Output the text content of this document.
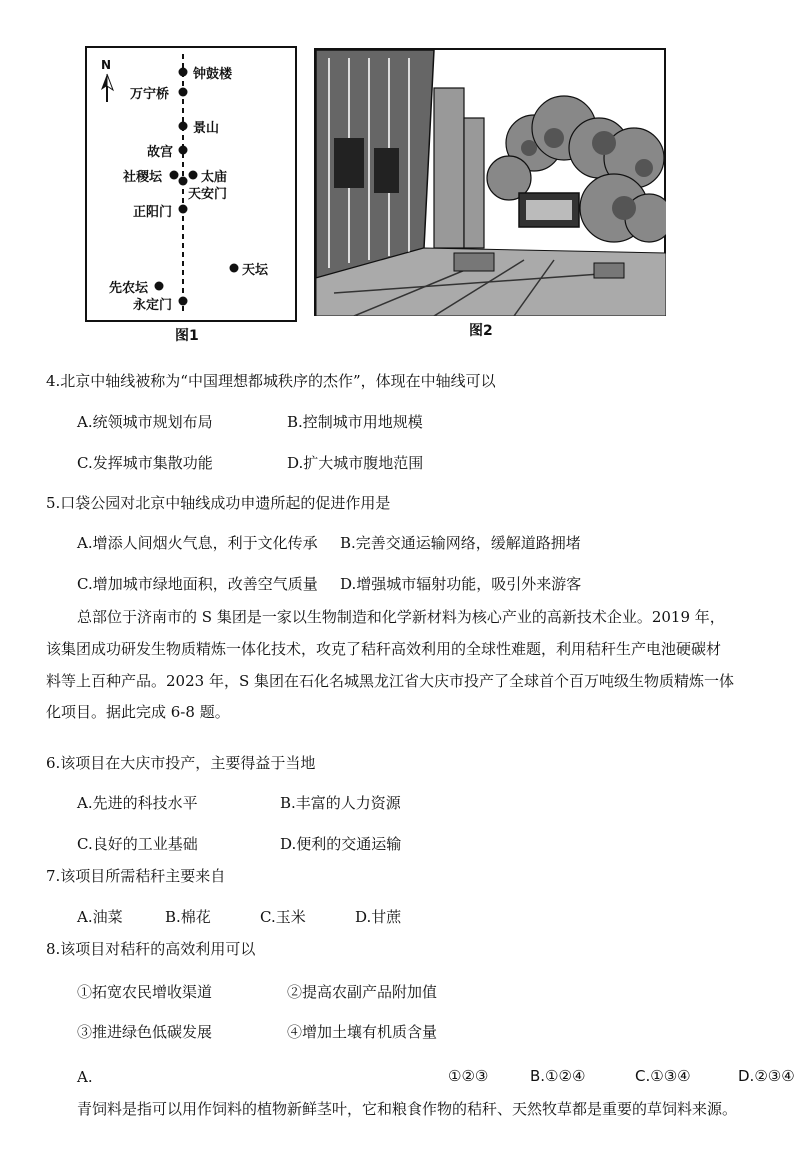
N
钟鼓楼
万宁桥
景山
故宫
社稷坛	太庙
天安门
正阳门
天坛
先农坛
永定门
图1	图2
4.北京中轴线被称为“中国理想都城秩序的杰作”，体现在中轴线可以
A.统领城市规划布局	B.控制城市用地规模
C.发挥城市集散功能	D.扩大城市腹地范围
5.口袋公园对北京中轴线成功申遗所起的促进作用是
A.增添人间烟火气息，利于文化传承 B.完善交通运输网络，缓解道路拥堵
C.增加城市绿地面积，改善空气质量 D.增强城市辐射功能，吸引外来游客
总部位于济南市的 S 集团是一家以生物制造和化学新材料为核心产业的高新技术企业。2019 年，
该集团成功研发生物质精炼一体化技术，攻克了秸秆高效利用的全球性难题，利用秸秆生产电池硬碳材
料等上百种产品。2023 年，S 集团在石化名城黑龙江省大庆市投产了全球首个百万吨级生物质精炼一体
化项目。据此完成 6-8 题。
6.该项目在大庆市投产，主要得益于当地
A.先进的科技水平	B.丰富的人力资源
C.良好的工业基础	D.便利的交通运输
7.该项目所需秸秆主要来自
A.油菜	B.棉花	C.玉米	D.甘蔗
8.该项目对秸秆的高效利用可以
①拓宽农民增收渠道	②提高农副产品附加值
③推进绿色低碳发展	④增加土壤有机质含量
A.	①②③	B.①②④	C.①③④	D.②③④
青饲料是指可以用作饲料的植物新鲜茎叶，它和粮食作物的秸秆、天然牧草都是重要的草饲料来源。
